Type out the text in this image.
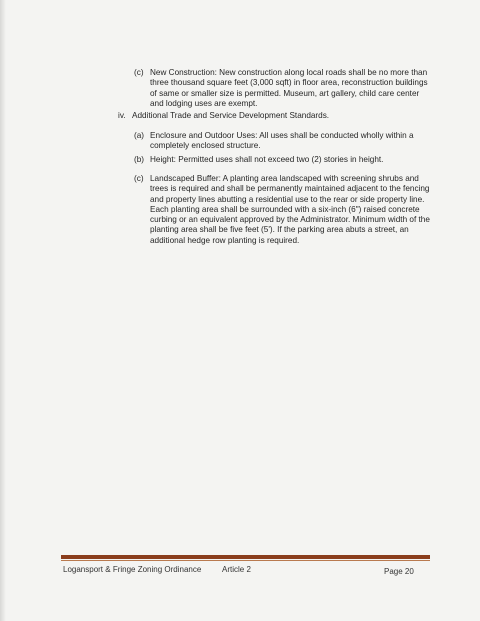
(c) New Construction: New construction along local roads shall be no more than three thousand square feet (3,000 sqft) in floor area, reconstruction buildings of same or smaller size is permitted. Museum, art gallery, child care center and lodging uses are exempt.
iv. Additional Trade and Service Development Standards.
(a) Enclosure and Outdoor Uses: All uses shall be conducted wholly within a completely enclosed structure.
(b) Height: Permitted uses shall not exceed two (2) stories in height.
(c) Landscaped Buffer: A planting area landscaped with screening shrubs and trees is required and shall be permanently maintained adjacent to the fencing and property lines abutting a residential use to the rear or side property line. Each planting area shall be surrounded with a six-inch (6") raised concrete curbing or an equivalent approved by the Administrator. Minimum width of the planting area shall be five feet (5'). If the parking area abuts a street, an additional hedge row planting is required.
Logansport & Fringe Zoning Ordinance	Article 2	Page 20
